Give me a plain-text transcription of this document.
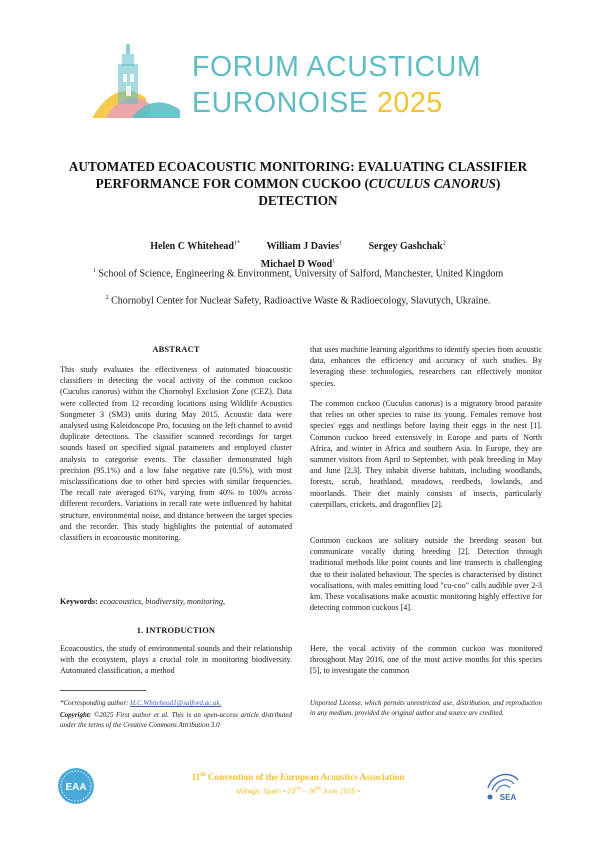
FORUM ACUSTICUM
EURONOISE 2025
AUTOMATED ECOACOUSTIC MONITORING: EVALUATING CLASSIFIER PERFORMANCE FOR COMMON CUCKOO (CUCULUS CANORUS) DETECTION
Helen C Whitehead$^{1*}$	William J Davies$^1$	Sergey Gashchak$^2$
Michael D Wood$^1$
$^1$ School of Science, Engineering & Environment, University of Salford, Manchester, United Kingdom
$^2$ Chornobyl Center for Nuclear Safety, Radioactive Waste & Radioecology, Slavutych, Ukraine.
ABSTRACT

This study evaluates the effectiveness of automated bioacoustic classifiers in detecting the vocal activity of the common cuckoo (Cuculus canorus) within the Chornobyl Exclusion Zone (CEZ). Data were collected from 12 recording locations using Wildlife Acoustics Songmeter 3 (SM3) units during May 2015. Acoustic data were analysed using Kaleidoscope Pro, focusing on the left channel to avoid duplicate detections. The classifier scanned recordings for target sounds based on specified signal parameters and employed cluster analysis to categorise events. The classifier demonstrated high precision (95.1%) and a low false negative rate (0.5%), with most misclassifications due to other bird species with similar frequencies. The recall rate averaged 61%, varying from 40% to 100% across different recorders. Variations in recall rate were influenced by habitat structure, environmental noise, and distance between the target species and the recorder. This study highlights the potential of automated classifiers in ecoacoustic monitoring.

Keywords: ecoacoustics, biodiversity, monitoring,
1. INTRODUCTION

Ecoacoustics, the study of environmental sounds and their relationship with the ecosystem, plays a crucial role in monitoring biodiversity. Automated classification, a method

*Corresponding author: H.C.Whitehead1@salford.ac.uk.
Copyright: ©2025 First author et al. This is an open-access article distributed under the terms of the Creative Commons Attribution 3.0

that uses machine learning algorithms to identify species from acoustic data, enhances the efficiency and accuracy of such studies. By leveraging these technologies, researchers can effectively monitor species.

The common cuckoo (Cuculus canorus) is a migratory brood parasite that relies on other species to raise its young. Females remove host species' eggs and nestlings before laying their eggs in the nest [1]. Common cuckoo breed extensively in Europe and parts of North Africa, and winter in Africa and southern Asia. In Europe, they are summer visitors from April to September, with peak breeding in May and June [2,3]. They inhabit diverse habitats, including woodlands, forests, scrub, heathland, meadows, reedbeds, lowlands, and moorlands. Their diet mainly consists of insects, particularly caterpillars, crickets, and dragonflies [2].

Common cuckoos are solitary outside the breeding season but communicate vocally during breeding [2]. Detection through traditional methods like point counts and line transects is challenging due to their isolated behaviour. The species is characterised by distinct vocalisations, with males emitting loud "cu-coo" calls audible over 2-3 km. These vocalisations make acoustic monitoring highly effective for detecting common cuckoos [4].

Here, the vocal activity of the common cuckoo was monitored throughout May 2016, one of the most active months for this species [5], to investigate the common

Unported License, which permits unrestricted use, distribution, and reproduction in any medium, provided the original author and source are credited.
EAA
11th Convention of the European Acoustics Association
Málaga, Spain • 23rd – 26th June 2025 •
SEA
